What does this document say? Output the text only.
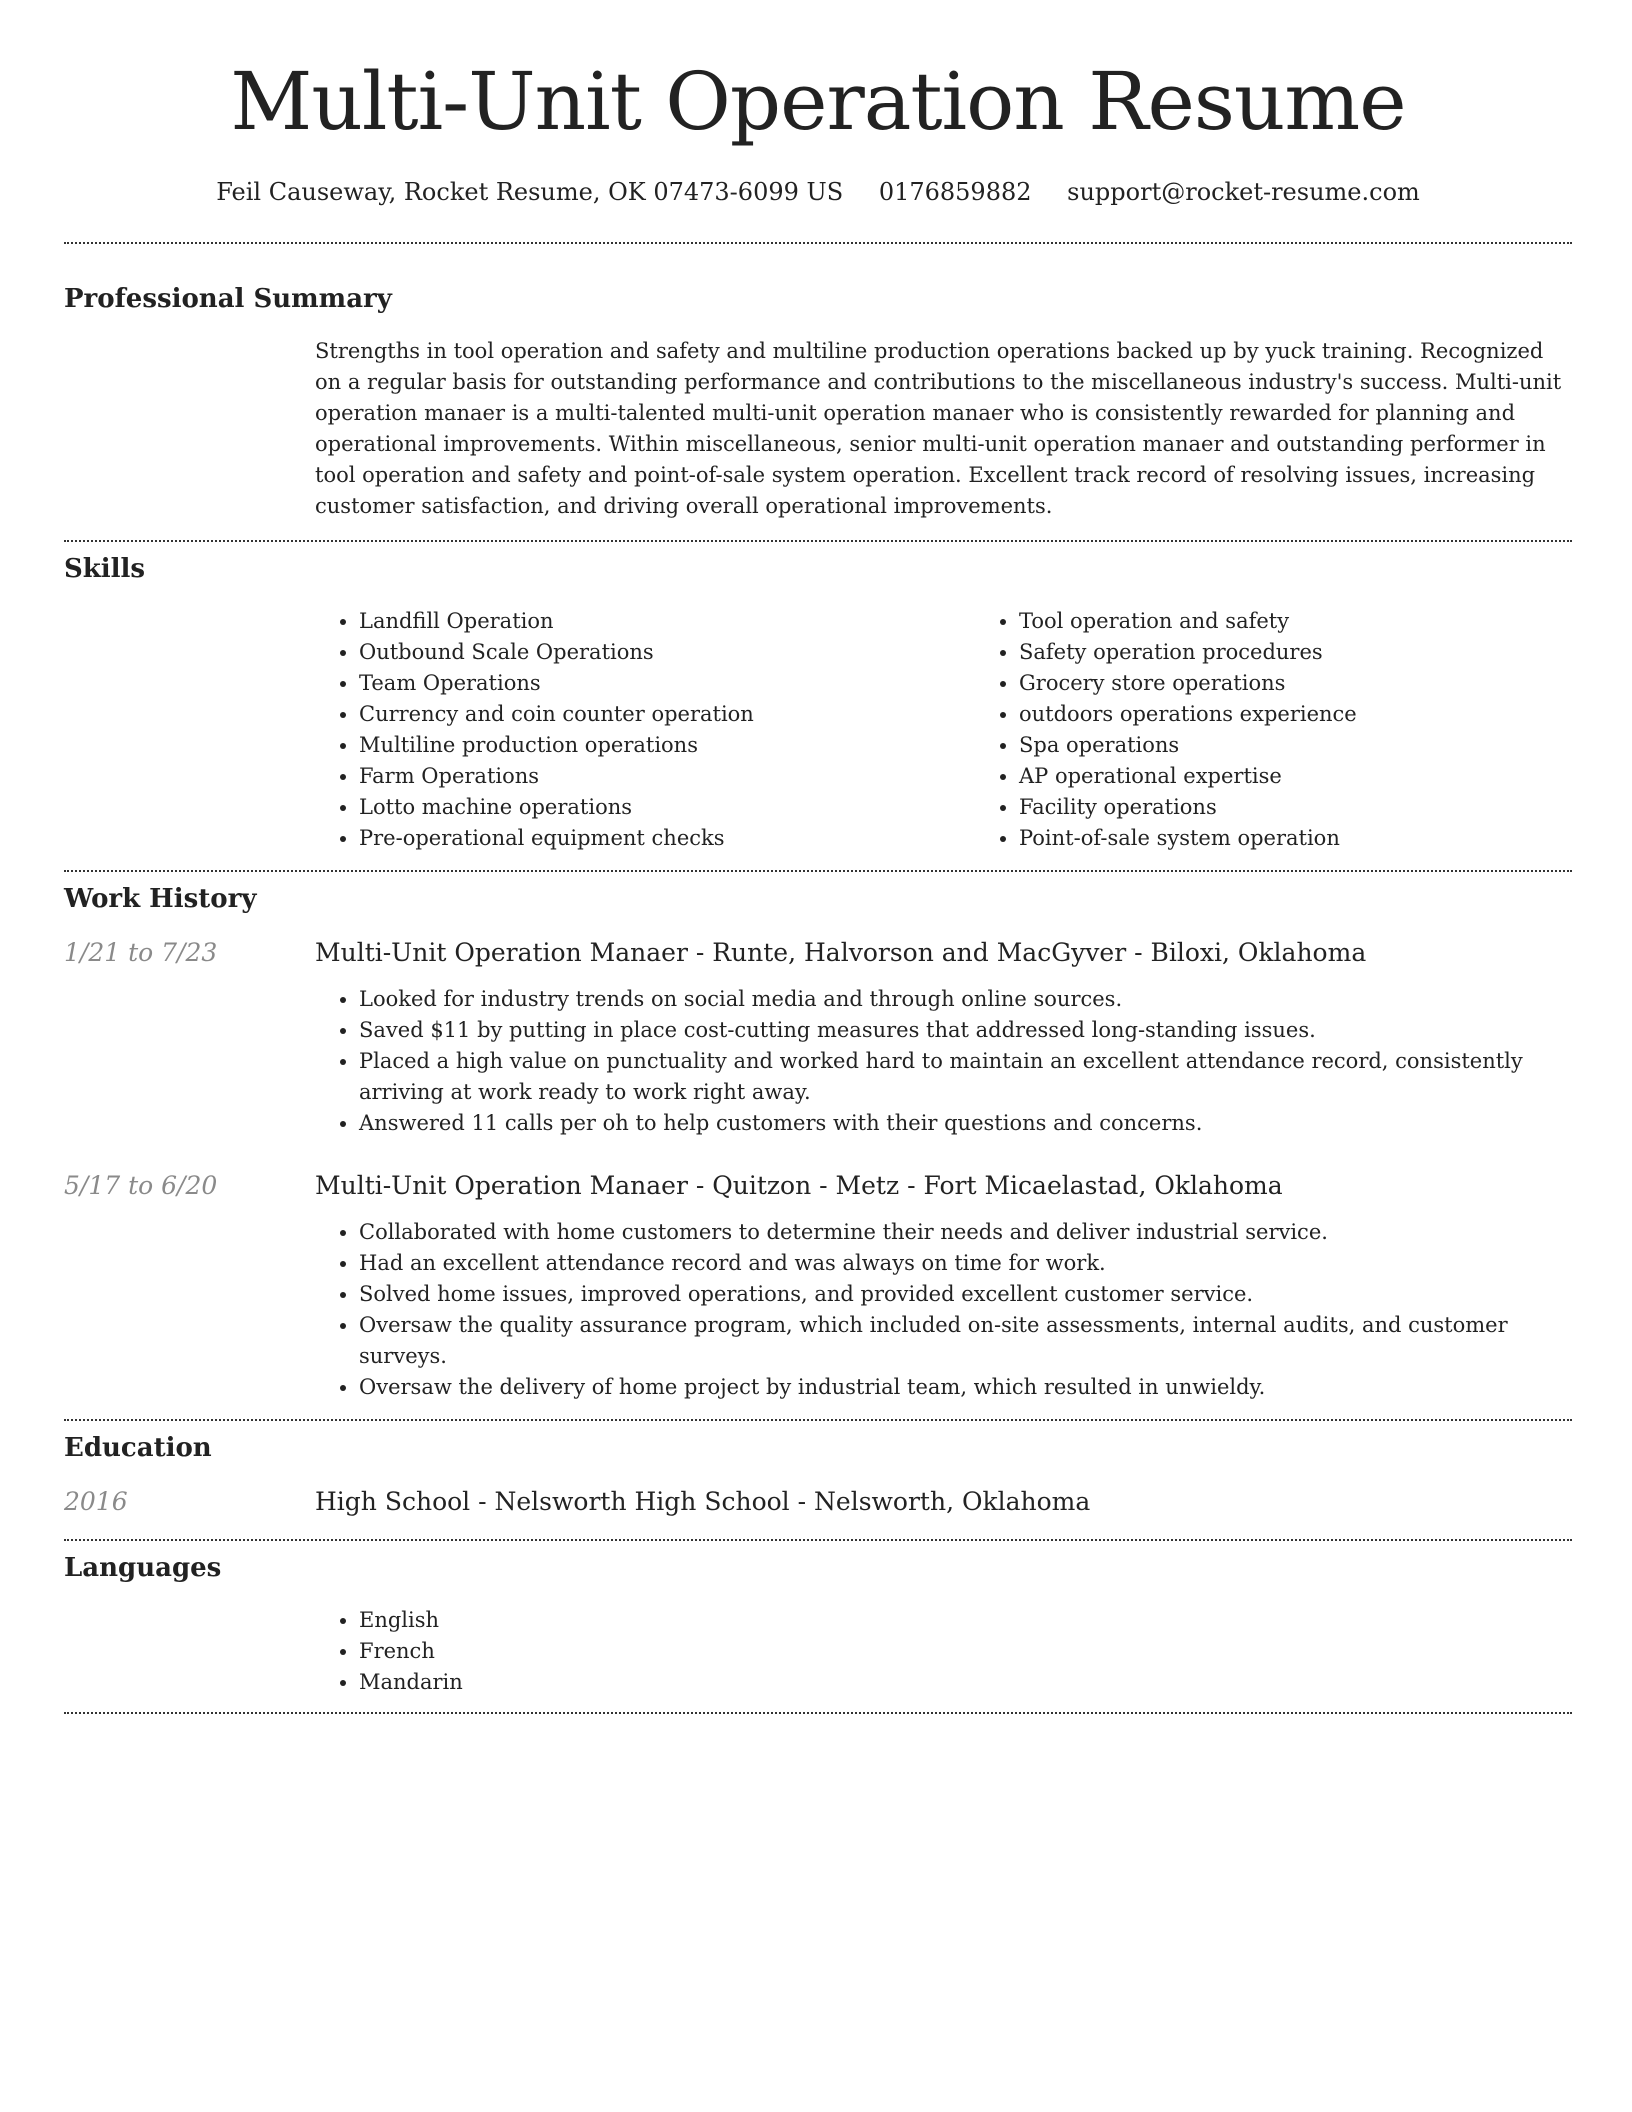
Multi-Unit Operation Resume
Feil Causeway, Rocket Resume, OK 07473-6099 US 0176859882 support@rocket-resume.com
Professional Summary
Strengths in tool operation and safety and multiline production operations backed up by yuck training. Recognized on a regular basis for outstanding performance and contributions to the miscellaneous industry's success. Multi-unit operation manaer is a multi-talented multi-unit operation manaer who is consistently rewarded for planning and operational improvements. Within miscellaneous, senior multi-unit operation manaer and outstanding performer in tool operation and safety and point-of-sale system operation. Excellent track record of resolving issues, increasing customer satisfaction, and driving overall operational improvements.
Skills
• Landfill Operation
• Outbound Scale Operations
• Team Operations
• Currency and coin counter operation
• Multiline production operations
• Farm Operations
• Lotto machine operations
• Pre-operational equipment checks
• Tool operation and safety
• Safety operation procedures
• Grocery store operations
• outdoors operations experience
• Spa operations
• AP operational expertise
• Facility operations
• Point-of-sale system operation
Work History
1/21 to 7/23	Multi-Unit Operation Manaer - Runte, Halvorson and MacGyver - Biloxi, Oklahoma
• Looked for industry trends on social media and through online sources.
• Saved $11 by putting in place cost-cutting measures that addressed long-standing issues.
• Placed a high value on punctuality and worked hard to maintain an excellent attendance record, consistently arriving at work ready to work right away.
• Answered 11 calls per oh to help customers with their questions and concerns.
5/17 to 6/20	Multi-Unit Operation Manaer - Quitzon - Metz - Fort Micaelastad, Oklahoma
• Collaborated with home customers to determine their needs and deliver industrial service.
• Had an excellent attendance record and was always on time for work.
• Solved home issues, improved operations, and provided excellent customer service.
• Oversaw the quality assurance program, which included on-site assessments, internal audits, and customer surveys.
• Oversaw the delivery of home project by industrial team, which resulted in unwieldy.
Education
2016	High School - Nelsworth High School - Nelsworth, Oklahoma
Languages
• English
• French
• Mandarin
